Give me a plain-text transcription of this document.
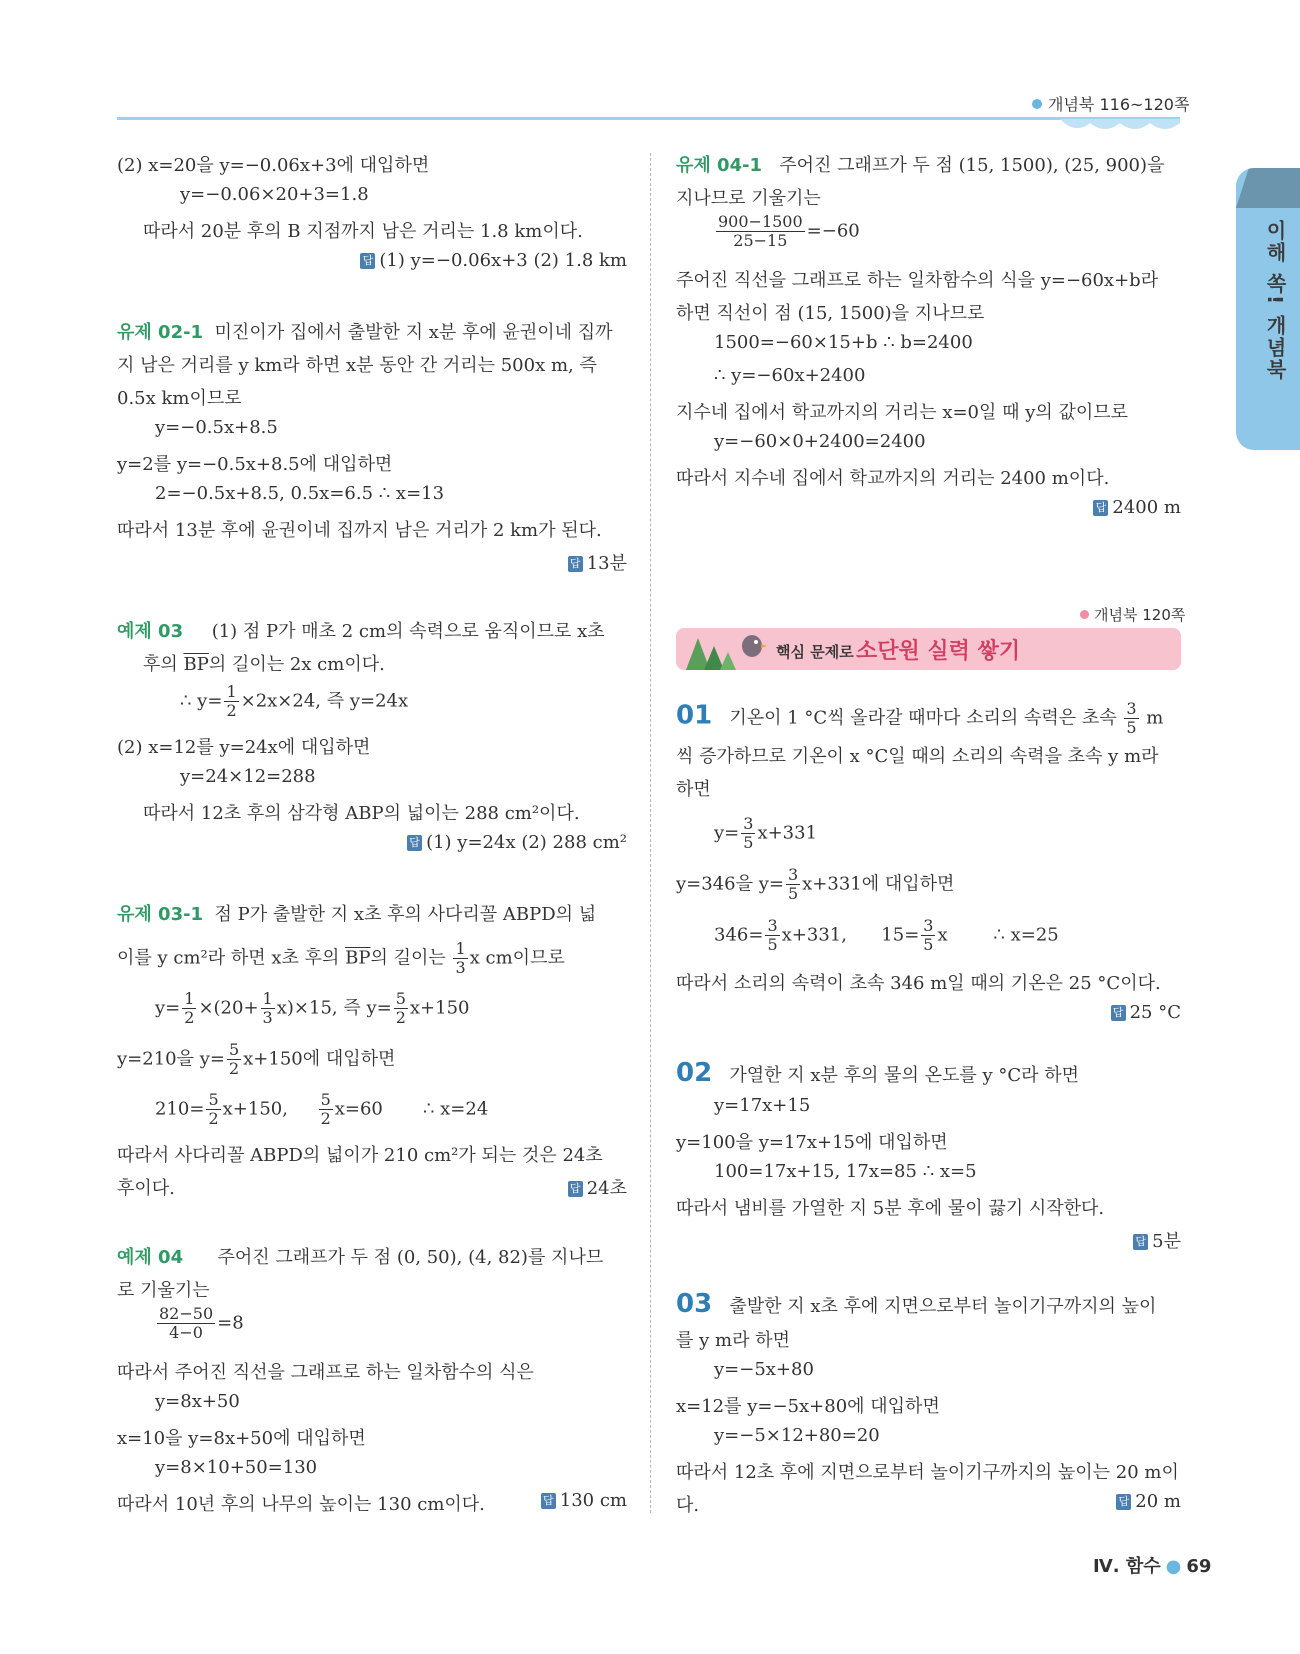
개념북 116~120쪽
이해 쏙! 개념북
(2) x=20을 y=−0.06x+3에 대입하면
y=−0.06×20+3=1.8
따라서 20분 후의 B 지점까지 남은 거리는 1.8 km이다.
답 (1) y=−0.06x+3 (2) 1.8 km
유제 02-1 미진이가 집에서 출발한 지 x분 후에 윤권이네 집까
지 남은 거리를 y km라 하면 x분 동안 간 거리는 500x m, 즉
0.5x km이므로
y=−0.5x+8.5
y=2를 y=−0.5x+8.5에 대입하면
2=−0.5x+8.5, 0.5x=6.5 ∴ x=13
따라서 13분 후에 윤권이네 집까지 남은 거리가 2 km가 된다.
답 13분
예제 03 (1) 점 P가 매초 2 cm의 속력으로 움직이므로 x초
후의 $\overline{BP}$의 길이는 2x cm이다.
∴ $y= \frac{1}{2} \times 2x\times 24$, 즉 y=24x
(2) x=12를 y=24x에 대입하면
y=24×12=288
따라서 12초 후의 삼각형 ABP의 넓이는 288 cm²이다.
답 (1) y=24x (2) 288 cm²
유제 03-1 점 P가 출발한 지 x초 후의 사다리꼴 ABPD의 넓
이를 y cm²라 하면 x초 후의 $\overline{BP}$의 길이는 $\frac{1}{3}$ x cm이므로
$y= \frac{1}{2} \times(20+ \frac{1}{3} x)\times 15$, 즉 $y= \frac{5}{2} x+150$
y=210을 $y= \frac{5}{2} x+150$에 대입하면
$210= \frac{5}{2} x+150$, $\frac{5}{2} x=60$ ∴ x=24
따라서 사다리꼴 ABPD의 넓이가 210 cm²가 되는 것은 24초
후이다.	답 24초
예제 04 주어진 그래프가 두 점 (0, 50), (4, 82)를 지나므
로 기울기는
$\frac{82-50}{4-0} =8$
따라서 주어진 직선을 그래프로 하는 일차함수의 식은
y=8x+50
x=10을 y=8x+50에 대입하면
y=8×10+50=130
따라서 10년 후의 나무의 높이는 130 cm이다.	답 130 cm
유제 04-1 주어진 그래프가 두 점 (15, 1500), (25, 900)을
지나므로 기울기는
$\frac{900-1500}{25-15} =-60$
주어진 직선을 그래프로 하는 일차함수의 식을 y=−60x+b라
하면 직선이 점 (15, 1500)을 지나므로
1500=−60×15+b ∴ b=2400
∴ y=−60x+2400
지수네 집에서 학교까지의 거리는 x=0일 때 y의 값이므로
y=−60×0+2400=2400
따라서 지수네 집에서 학교까지의 거리는 2400 m이다.
답 2400 m
개념북 120쪽
핵심 문제로 소단원 실력 쌓기
01 기온이 1 °C씩 올라갈 때마다 소리의 속력은 초속 $\frac{3}{5}$ m
씩 증가하므로 기온이 x °C일 때의 소리의 속력을 초속 y m라
하면
$y= \frac{3}{5} x+331$
y=346을 $y= \frac{3}{5} x+331$에 대입하면
$346= \frac{3}{5} x+331$, $15= \frac{3}{5}$ x	∴ x=25
따라서 소리의 속력이 초속 346 m일 때의 기온은 25 °C이다.
답 25 °C
02 가열한 지 x분 후의 물의 온도를 y °C라 하면
y=17x+15
y=100을 y=17x+15에 대입하면
100=17x+15, 17x=85 ∴ x=5
따라서 냄비를 가열한 지 5분 후에 물이 끓기 시작한다.
답 5분
03 출발한 지 x초 후에 지면으로부터 놀이기구까지의 높이
를 y m라 하면
y=−5x+80
x=12를 y=−5x+80에 대입하면
y=−5×12+80=20
따라서 12초 후에 지면으로부터 놀이기구까지의 높이는 20 m이
다.	답 20 m
Ⅳ. 함수 ● 69
